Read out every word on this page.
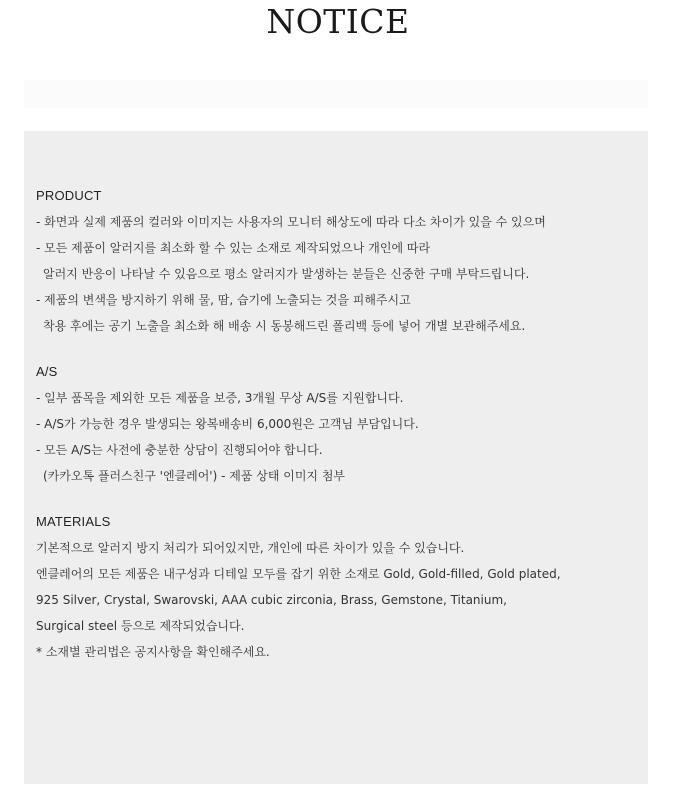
NOTICE

PRODUCT

- 화면과 실제 제품의 컬러와 이미지는 사용자의 모니터 해상도에 따라 다소 차이가 있을 수 있으며

- 모든 제품이 알러지를 최소화 할 수 있는 소재로 제작되었으나 개인에 따라

알러지 반응이 나타날 수 있음으로 평소 알러지가 발생하는 분들은 신중한 구매 부탁드립니다.

- 제품의 변색을 방지하기 위해 물, 땀, 습기에 노출되는 것을 피해주시고

착용 후에는 공기 노출을 최소화 해 배송 시 동봉해드린 폴리백 등에 넣어 개별 보관해주세요.

A/S

- 일부 품목을 제외한 모든 제품을 보증, 3개월 무상 A/S를 지원합니다.

- A/S가 가능한 경우 발생되는 왕복배송비 6,000원은 고객님 부담입니다.

- 모든 A/S는 사전에 충분한 상담이 진행되어야 합니다.

(카카오톡 플러스친구 '엔클레어') - 제품 상태 이미지 첨부

MATERIALS

기본적으로 알러지 방지 처리가 되어있지만, 개인에 따른 차이가 있을 수 있습니다.

엔클레어의 모든 제품은 내구성과 디테일 모두를 잡기 위한 소재로 Gold, Gold-filled, Gold plated,

925 Silver, Crystal, Swarovski, AAA cubic zirconia, Brass, Gemstone, Titanium,

Surgical steel 등으로 제작되었습니다.

* 소재별 관리법은 공지사항을 확인해주세요.
